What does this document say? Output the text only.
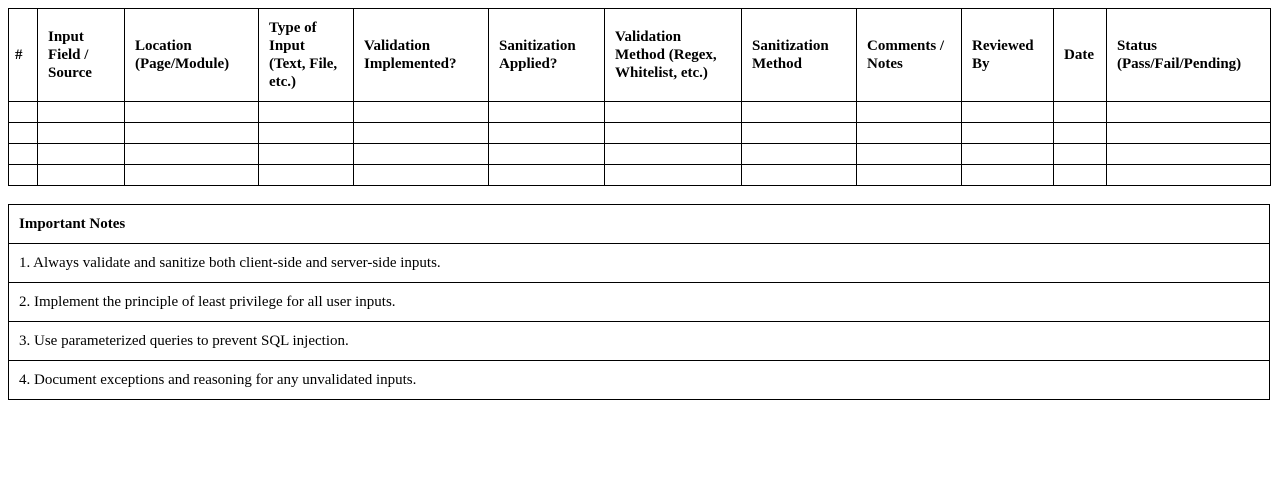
#	Input Field / Source	Location (Page/Module)	Type of Input (Text, File, etc.)	Validation Implemented?	Sanitization Applied?	Validation Method (Regex, Whitelist, etc.)	Sanitization Method	Comments / Notes	Reviewed By	Date	Status (Pass/Fail/Pending)

Important Notes
1. Always validate and sanitize both client-side and server-side inputs.
2. Implement the principle of least privilege for all user inputs.
3. Use parameterized queries to prevent SQL injection.
4. Document exceptions and reasoning for any unvalidated inputs.
